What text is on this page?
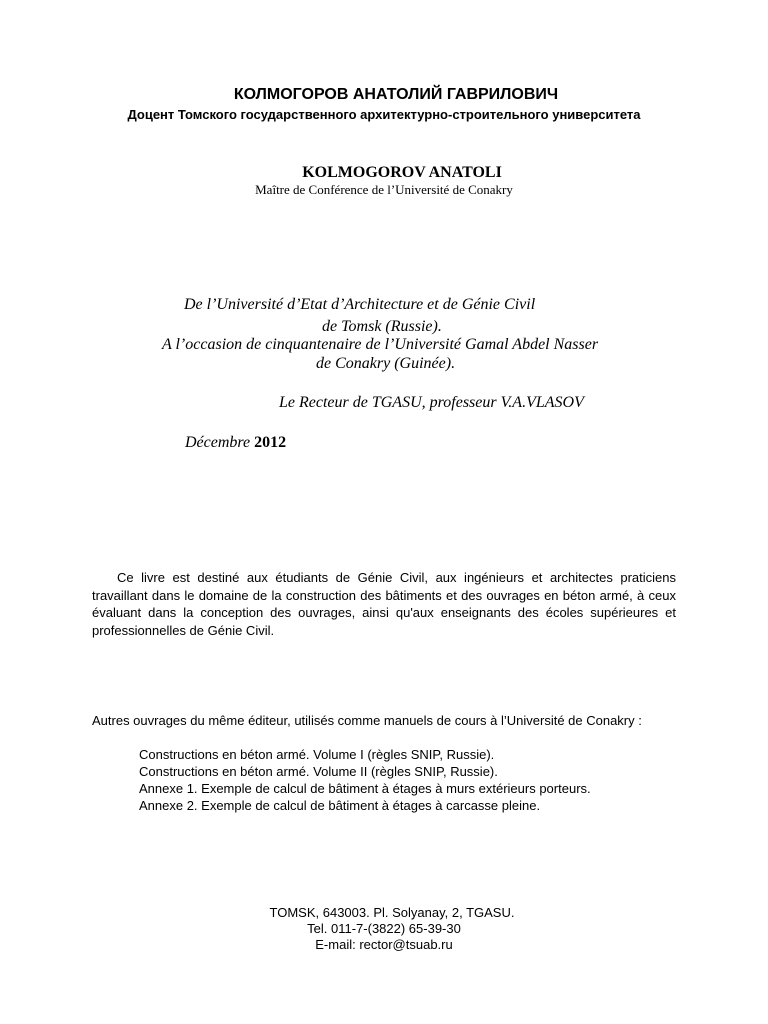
КОЛМОГОРОВ АНАТОЛИЙ ГАВРИЛОВИЧ
Доцент Томского государственного архитектурно-строительного университета
KOLMOGOROV ANATOLI
Maître de Conférence de l’Université de Conakry
De l’Université d’Etat d’Architecture et de Génie Civil
de Tomsk (Russie).
A l’occasion de cinquantenaire de l’Université Gamal Abdel Nasser
de Conakry (Guinée).
Le Recteur de TGASU, professeur V.A.VLASOV
Décembre 2012
Ce livre est destiné aux étudiants de Génie Civil, aux ingénieurs et architectes praticiens travaillant dans le domaine de la construction des bâtiments et des ouvrages en béton armé, à ceux évaluant dans la conception des ouvrages, ainsi qu'aux enseignants des écoles supérieures et professionnelles de Génie Civil.
Autres ouvrages du même éditeur, utilisés comme manuels de cours à l’Université de Conakry :
Constructions en béton armé. Volume I (règles SNIP, Russie).
Constructions en béton armé. Volume II (règles SNIP, Russie).
Annexe 1. Exemple de calcul de bâtiment à étages à murs extérieurs porteurs.
Annexe 2. Exemple de calcul de bâtiment à étages à carcasse pleine.
TOMSK, 643003. Pl. Solyanay, 2, TGASU.
Tel. 011-7-(3822) 65-39-30
E-mail: rector@tsuab.ru
